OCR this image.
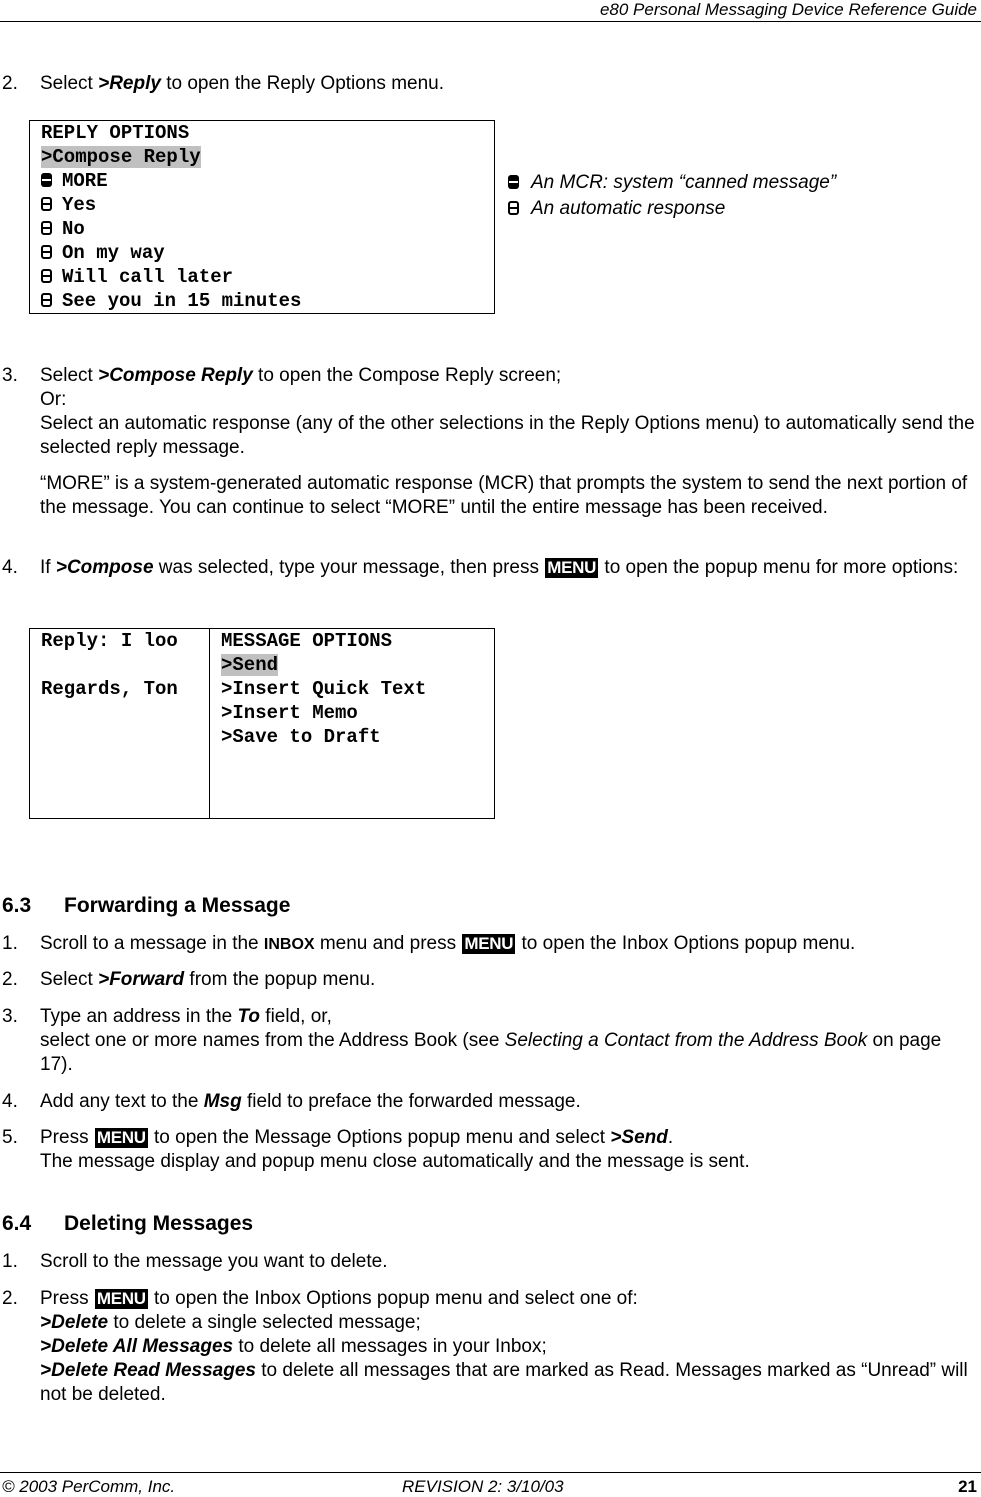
e80 Personal Messaging Device Reference Guide
2. Select >Reply to open the Reply Options menu.
REPLY OPTIONS
>Compose Reply
MORE
Yes
No
On my way
Will call later
See you in 15 minutes
An MCR: system “canned message”
An automatic response
3. Select >Compose Reply to open the Compose Reply screen;
Or:
Select an automatic response (any of the other selections in the Reply Options menu) to automatically send the selected reply message.
“MORE” is a system-generated automatic response (MCR) that prompts the system to send the next portion of the message. You can continue to select “MORE” until the entire message has been received.
4. If >Compose was selected, type your message, then press MENU to open the popup menu for more options:
Reply: I loo
Regards, Ton
MESSAGE OPTIONS
>Send
>Insert Quick Text
>Insert Memo
>Save to Draft
6.3 Forwarding a Message
1. Scroll to a message in the INBOX menu and press MENU to open the Inbox Options popup menu.
2. Select >Forward from the popup menu.
3. Type an address in the To field, or,
select one or more names from the Address Book (see Selecting a Contact from the Address Book on page 17).
4. Add any text to the Msg field to preface the forwarded message.
5. Press MENU to open the Message Options popup menu and select >Send.
The message display and popup menu close automatically and the message is sent.
6.4 Deleting Messages
1. Scroll to the message you want to delete.
2. Press MENU to open the Inbox Options popup menu and select one of:
>Delete to delete a single selected message;
>Delete All Messages to delete all messages in your Inbox;
>Delete Read Messages to delete all messages that are marked as Read. Messages marked as “Unread” will not be deleted.
© 2003 PerComm, Inc.	REVISION 2: 3/10/03	21
